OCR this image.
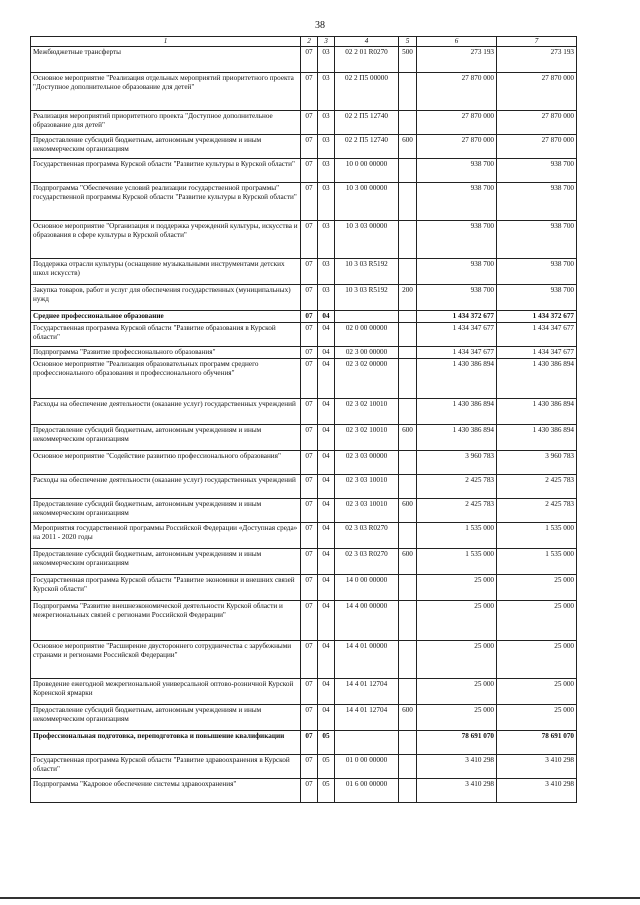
38
1	2	3	4	5	6	7
Межбюджетные трансферты	07	03	02 2 01 R0270	500	273 193	273 193
Основное мероприятие "Реализация отдельных мероприятий приоритетного проекта "Доступное дополнительное образование для детей"	07	03	02 2 П5 00000		27 870 000	27 870 000
Реализация мероприятий приоритетного проекта "Доступное дополнительное образование для детей"	07	03	02 2 П5 12740		27 870 000	27 870 000
Предоставление субсидий бюджетным, автономным учреждениям и иным некоммерческим организациям	07	03	02 2 П5 12740	600	27 870 000	27 870 000
Государственная программа Курской области "Развитие культуры в Курской области"	07	03	10 0 00 00000		938 700	938 700
Подпрограмма "Обеспечение условий реализации государственной программы" государственной программы Курской области "Развитие культуры в Курской области"	07	03	10 3 00 00000		938 700	938 700
Основное мероприятие "Организация и поддержка учреждений культуры, искусства и образования в сфере культуры в Курской области"	07	03	10 3 03 00000		938 700	938 700
Поддержка отрасли культуры (оснащение музыкальными инструментами детских школ искусств)	07	03	10 3 03 R5192		938 700	938 700
Закупка товаров, работ и услуг для обеспечения государственных (муниципальных) нужд	07	03	10 3 03 R5192	200	938 700	938 700
Среднее профессиональное образование	07	04			1 434 372 677	1 434 372 677
Государственная программа Курской области "Развитие образования в Курской области"	07	04	02 0 00 00000		1 434 347 677	1 434 347 677
Подпрограмма "Развитие профессионального образования"	07	04	02 3 00 00000		1 434 347 677	1 434 347 677
Основное мероприятие "Реализация образовательных программ среднего профессионального образования и профессионального обучения"	07	04	02 3 02 00000		1 430 386 894	1 430 386 894
Расходы на обеспечение деятельности (оказание услуг) государственных учреждений	07	04	02 3 02 10010		1 430 386 894	1 430 386 894
Предоставление субсидий бюджетным, автономным учреждениям и иным некоммерческим организациям	07	04	02 3 02 10010	600	1 430 386 894	1 430 386 894
Основное мероприятие "Содействие развитию профессионального образования"	07	04	02 3 03 00000		3 960 783	3 960 783
Расходы на обеспечение деятельности (оказание услуг) государственных учреждений	07	04	02 3 03 10010		2 425 783	2 425 783
Предоставление субсидий бюджетным, автономным учреждениям и иным некоммерческим организациям	07	04	02 3 03 10010	600	2 425 783	2 425 783
Мероприятия государственной программы Российской Федерации «Доступная среда» на 2011 - 2020 годы	07	04	02 3 03 R0270		1 535 000	1 535 000
Предоставление субсидий бюджетным, автономным учреждениям и иным некоммерческим организациям	07	04	02 3 03 R0270	600	1 535 000	1 535 000
Государственная программа Курской области "Развитие экономики и внешних связей Курской области"	07	04	14 0 00 00000		25 000	25 000
Подпрограмма "Развитие внешнеэкономической деятельности Курской области и межрегиональных связей с регионами Российской Федерации"	07	04	14 4 00 00000		25 000	25 000
Основное мероприятие "Расширение двустороннего сотрудничества с зарубежными странами и регионами Российской Федерации"	07	04	14 4 01 00000		25 000	25 000
Проведение ежегодной межрегиональной универсальной оптово-розничной Курской Коренской ярмарки	07	04	14 4 01 12704		25 000	25 000
Предоставление субсидий бюджетным, автономным учреждениям и иным некоммерческим организациям	07	04	14 4 01 12704	600	25 000	25 000
Профессиональная подготовка, переподготовка и повышение квалификации	07	05			78 691 070	78 691 070
Государственная программа Курской области "Развитие здравоохранения в Курской области"	07	05	01 0 00 00000		3 410 298	3 410 298
Подпрограмма "Кадровое обеспечение системы здравоохранения"	07	05	01 6 00 00000		3 410 298	3 410 298
